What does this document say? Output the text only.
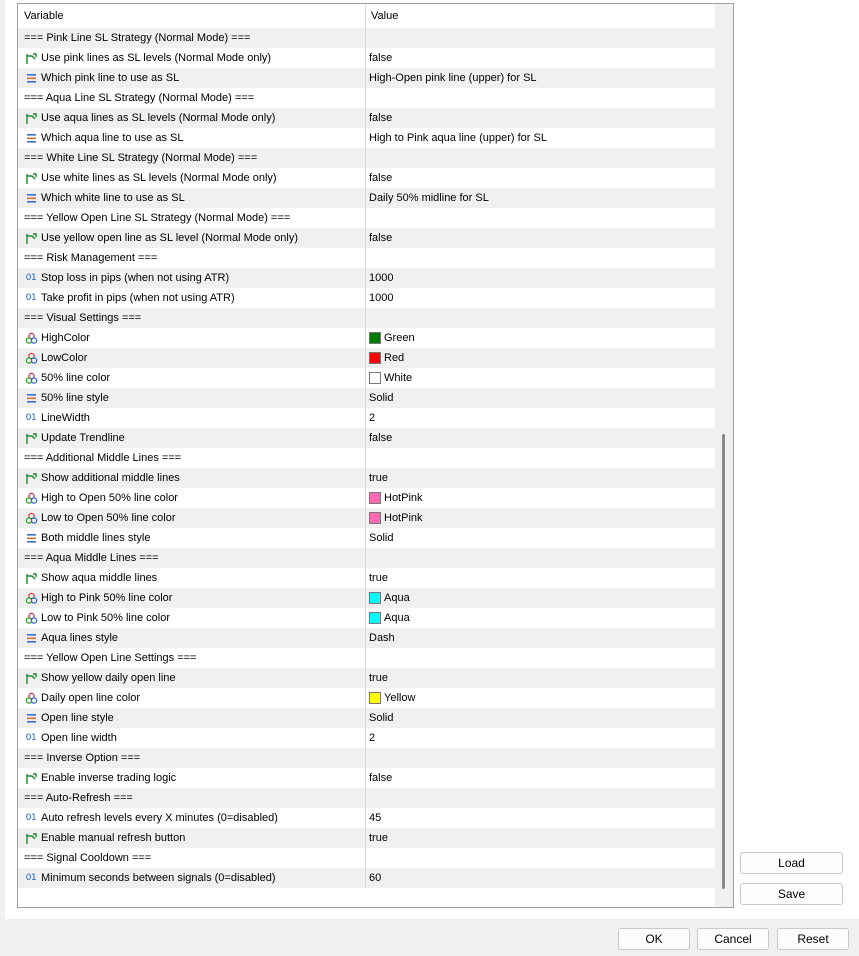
Variable	Value
=== Pink Line SL Strategy (Normal Mode) ===
Use pink lines as SL levels (Normal Mode only)	false
Which pink line to use as SL	High-Open pink line (upper) for SL
=== Aqua Line SL Strategy (Normal Mode) ===
Use aqua lines as SL levels (Normal Mode only)	false
Which aqua line to use as SL	High to Pink aqua line (upper) for SL
=== White Line SL Strategy (Normal Mode) ===
Use white lines as SL levels (Normal Mode only)	false
Which white line to use as SL	Daily 50% midline for SL
=== Yellow Open Line SL Strategy (Normal Mode) ===
Use yellow open line as SL level (Normal Mode only)	false
=== Risk Management ===
01 Stop loss in pips (when not using ATR)	1000
01 Take profit in pips (when not using ATR)	1000
=== Visual Settings ===
HighColor	Green
LowColor	Red
50% line color	White
50% line style	Solid
01 LineWidth	2
Update Trendline	false
=== Additional Middle Lines ===
Show additional middle lines	true
High to Open 50% line color	HotPink
Low to Open 50% line color	HotPink
Both middle lines style	Solid
=== Aqua Middle Lines ===
Show aqua middle lines	true
High to Pink 50% line color	Aqua
Low to Pink 50% line color	Aqua
Aqua lines style	Dash
=== Yellow Open Line Settings ===
Show yellow daily open line	true
Daily open line color	Yellow
Open line style	Solid
01 Open line width	2
=== Inverse Option ===
Enable inverse trading logic	false
=== Auto-Refresh ===
01 Auto refresh levels every X minutes (0=disabled)	45
Enable manual refresh button	true
=== Signal Cooldown ===
01 Minimum seconds between signals (0=disabled)	60
Load
Save
OK	Cancel	Reset
